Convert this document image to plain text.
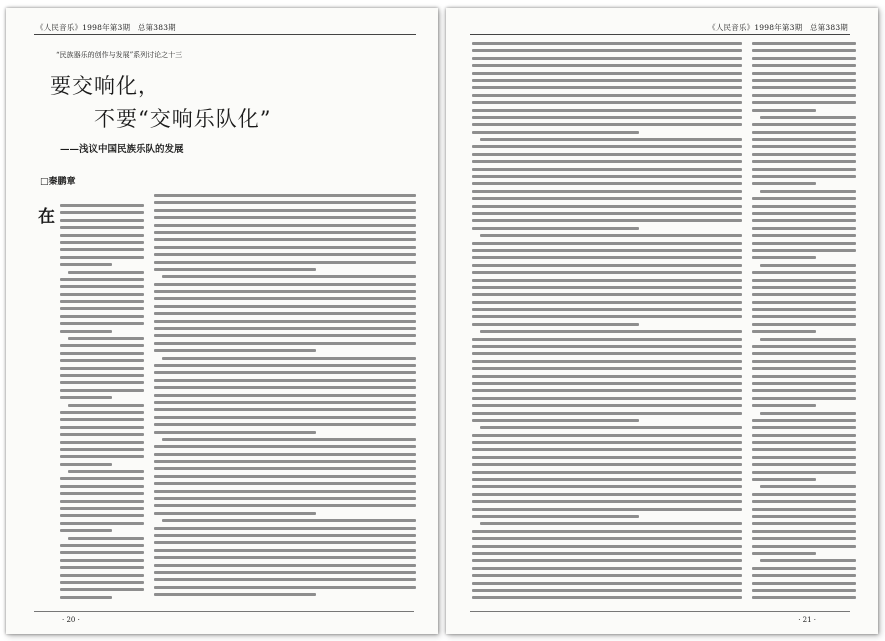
《人民音乐》1998年第3期　总第383期
“民族器乐的创作与发展”系列讨论之十三
要交响化，
不要“交响乐队化”
——浅议中国民族乐队的发展
□秦鹏章
在
· 20 ·
《人民音乐》1998年第3期　总第383期
· 21 ·
